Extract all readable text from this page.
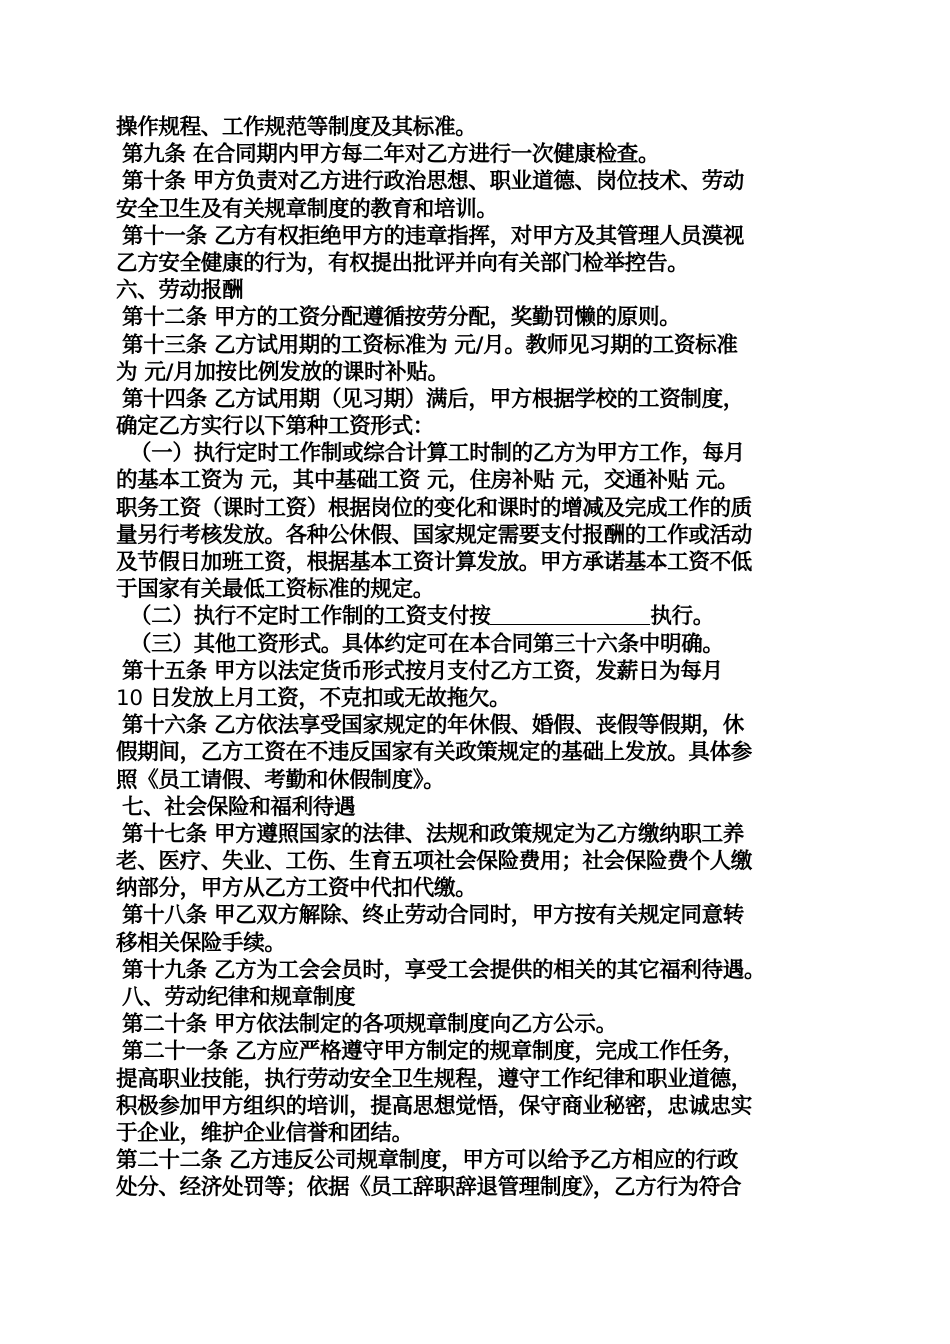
操作规程、工作规范等制度及其标准。
第九条 在合同期内甲方每二年对乙方进行一次健康检查。
第十条 甲方负责对乙方进行政治思想、职业道德、岗位技术、劳动
安全卫生及有关规章制度的教育和培训。
第十一条 乙方有权拒绝甲方的违章指挥，对甲方及其管理人员漠视
乙方安全健康的行为，有权提出批评并向有关部门检举控告。
六、劳动报酬
第十二条 甲方的工资分配遵循按劳分配，奖勤罚懒的原则。
第十三条 乙方试用期的工资标准为 元/月。教师见习期的工资标准
为 元/月加按比例发放的课时补贴。
第十四条 乙方试用期（见习期）满后，甲方根据学校的工资制度，
确定乙方实行以下第种工资形式：
（一）执行定时工作制或综合计算工时制的乙方为甲方工作，每月
的基本工资为 元，其中基础工资 元，住房补贴 元，交通补贴 元。
职务工资（课时工资）根据岗位的变化和课时的增减及完成工作的质
量另行考核发放。各种公休假、国家规定需要支付报酬的工作或活动
及节假日加班工资，根据基本工资计算发放。甲方承诺基本工资不低
于国家有关最低工资标准的规定。
（二）执行不定时工作制的工资支付按	执行。
（三）其他工资形式。具体约定可在本合同第三十六条中明确。
第十五条 甲方以法定货币形式按月支付乙方工资，发薪日为每月
10 日发放上月工资，不克扣或无故拖欠。
第十六条 乙方依法享受国家规定的年休假、婚假、丧假等假期，休
假期间，乙方工资在不违反国家有关政策规定的基础上发放。具体参
照《员工请假、考勤和休假制度》。
七、社会保险和福利待遇
第十七条 甲方遵照国家的法律、法规和政策规定为乙方缴纳职工养
老、医疗、失业、工伤、生育五项社会保险费用；社会保险费个人缴
纳部分，甲方从乙方工资中代扣代缴。
第十八条 甲乙双方解除、终止劳动合同时，甲方按有关规定同意转
移相关保险手续。
第十九条 乙方为工会会员时，享受工会提供的相关的其它福利待遇。
八、劳动纪律和规章制度
第二十条 甲方依法制定的各项规章制度向乙方公示。
第二十一条 乙方应严格遵守甲方制定的规章制度，完成工作任务，
提高职业技能，执行劳动安全卫生规程，遵守工作纪律和职业道德，
积极参加甲方组织的培训，提高思想觉悟，保守商业秘密，忠诚忠实
于企业，维护企业信誉和团结。
第二十二条 乙方违反公司规章制度，甲方可以给予乙方相应的行政
处分、经济处罚等；依据《员工辞职辞退管理制度》，乙方行为符合
